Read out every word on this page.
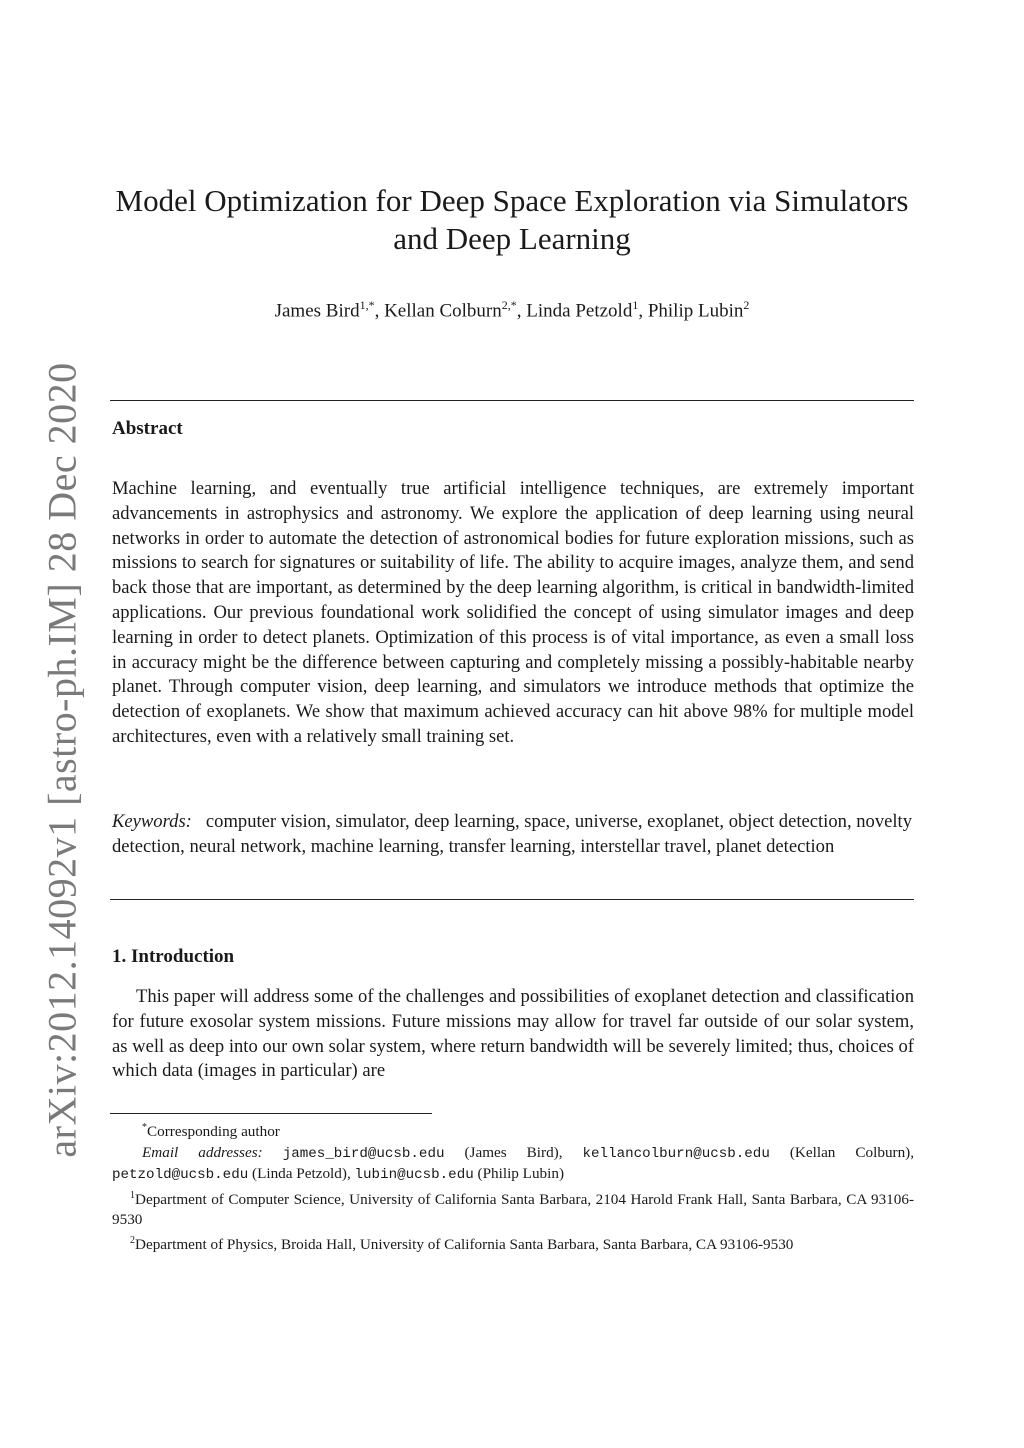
arXiv:2012.14092v1 [astro-ph.IM] 28 Dec 2020
Model Optimization for Deep Space Exploration via Simulators and Deep Learning
James Bird$^{1,*}$, Kellan Colburn$^{2,*}$, Linda Petzold$^1$, Philip Lubin$^2$
Abstract

Machine learning, and eventually true artificial intelligence techniques, are extremely important advancements in astrophysics and astronomy. We explore the application of deep learning using neural networks in order to automate the detection of astronomical bodies for future exploration missions, such as missions to search for signatures or suitability of life. The ability to acquire images, analyze them, and send back those that are important, as determined by the deep learning algorithm, is critical in bandwidth-limited applications. Our previous foundational work solidified the concept of using simulator images and deep learning in order to detect planets. Optimization of this process is of vital importance, as even a small loss in accuracy might be the difference between capturing and completely missing a possibly-habitable nearby planet. Through computer vision, deep learning, and simulators we introduce methods that optimize the detection of exoplanets. We show that maximum achieved accuracy can hit above 98% for multiple model architectures, even with a relatively small training set.

Keywords: computer vision, simulator, deep learning, space, universe, exoplanet, object detection, novelty detection, neural network, machine learning, transfer learning, interstellar travel, planet detection

1. Introduction

This paper will address some of the challenges and possibilities of exoplanet detection and classification for future exosolar system missions. Future missions may allow for travel far outside of our solar system, as well as deep into our own solar system, where return bandwidth will be severely limited; thus, choices of which data (images in particular) are

*Corresponding author

Email addresses: james_bird@ucsb.edu (James Bird), kellancolburn@ucsb.edu (Kellan Colburn), petzold@ucsb.edu (Linda Petzold), lubin@ucsb.edu (Philip Lubin)

$^1$Department of Computer Science, University of California Santa Barbara, 2104 Harold Frank Hall, Santa Barbara, CA 93106-9530

$^2$Department of Physics, Broida Hall, University of California Santa Barbara, Santa Barbara, CA 93106-9530
